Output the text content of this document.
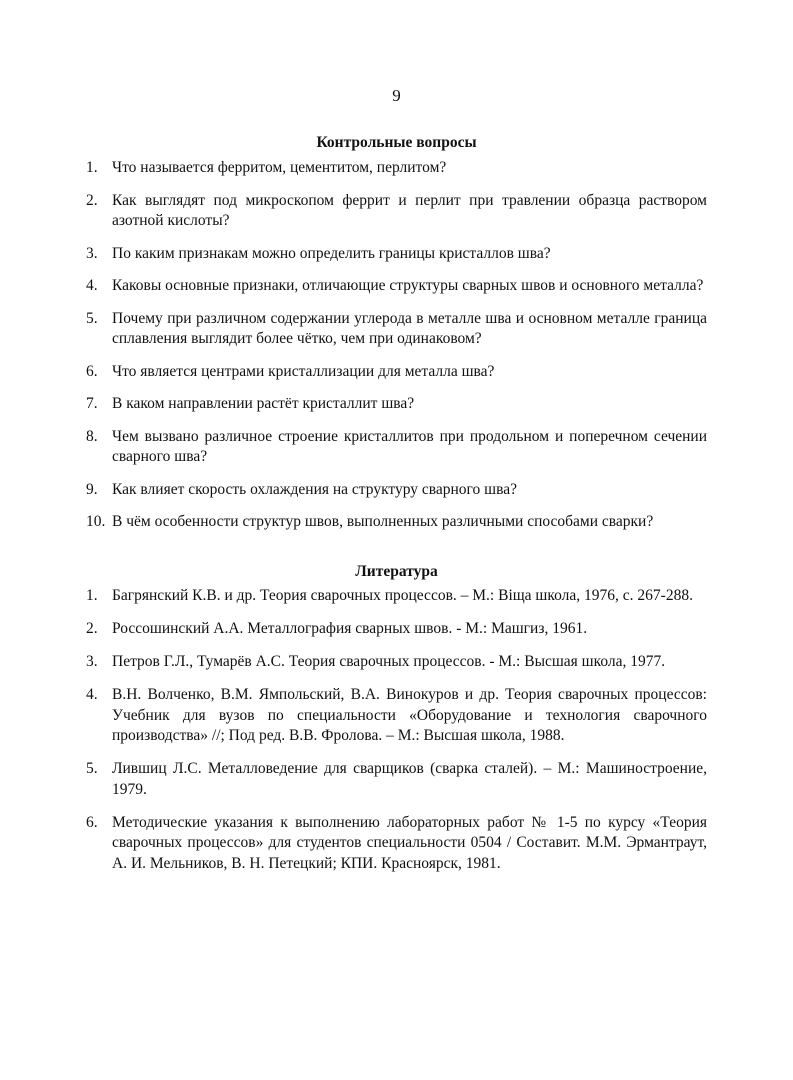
9
Контрольные вопросы
1. Что называется ферритом, цементитом, перлитом?
2. Как выглядят под микроскопом феррит и перлит при травлении образца раствором азотной кислоты?
3. По каким признакам можно определить границы кристаллов шва?
4. Каковы основные признаки, отличающие структуры сварных швов и основного металла?
5. Почему при различном содержании углерода в металле шва и основном металле граница сплавления выглядит более чётко, чем при одинаковом?
6. Что является центрами кристаллизации для металла шва?
7. В каком направлении растёт кристаллит шва?
8. Чем вызвано различное строение кристаллитов при продольном и поперечном сечении сварного шва?
9. Как влияет скорость охлаждения на структуру сварного шва?
10. В чём особенности структур швов, выполненных различными способами сварки?
Литература
1. Багрянский К.В. и др. Теория сварочных процессов. – М.: Віща школа, 1976, с. 267-288.
2. Россошинский А.А. Металлография сварных швов. - М.: Машгиз, 1961.
3. Петров Г.Л., Тумарёв А.С. Теория сварочных процессов. - М.: Высшая школа, 1977.
4. В.Н. Волченко, В.М. Ямпольский, В.А. Винокуров и др. Теория сварочных процессов: Учебник для вузов по специальности «Оборудование и технология сварочного производства» //; Под ред. В.В. Фролова. – М.: Высшая школа, 1988.
5. Лившиц Л.С. Металловедение для сварщиков (сварка сталей). – М.: Машиностроение, 1979.
6. Методические указания к выполнению лабораторных работ № 1-5 по курсу «Теория сварочных процессов» для студентов специальности 0504 / Составит. М.М. Эрмантраут, А. И. Мельников, В. Н. Петецкий; КПИ. Красноярск, 1981.
